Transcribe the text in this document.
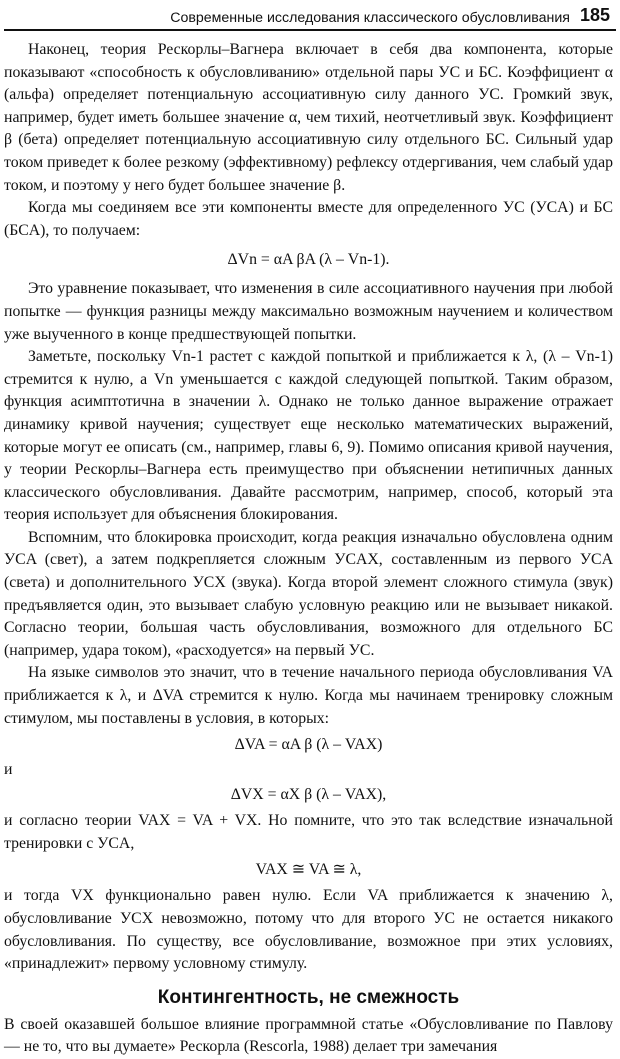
Современные исследования классического обусловливания 185

Наконец, теория Рескорлы–Вагнера включает в себя два компонента, которые показывают «способность к обусловливанию» отдельной пары УС и БС. Коэффициент α (альфа) определяет потенциальную ассоциативную силу данного УС. Громкий звук, например, будет иметь большее значение α, чем тихий, неотчетливый звук. Коэффициент β (бета) определяет потенциальную ассоциативную силу отдельного БС. Сильный удар током приведет к более резкому (эффективному) рефлексу отдергивания, чем слабый удар током, и поэтому у него будет большее значение β.

Когда мы соединяем все эти компоненты вместе для определенного УС (УСA) и БС (БСA), то получаем:

ΔVn = αA βA (λ – Vn-1).

Это уравнение показывает, что изменения в силе ассоциативного научения при любой попытке — функция разницы между максимально возможным научением и количеством уже выученного в конце предшествующей попытки.

Заметьте, поскольку Vn-1 растет с каждой попыткой и приближается к λ, (λ – Vn-1) стремится к нулю, а Vn уменьшается с каждой следующей попыткой. Таким образом, функция асимптотична в значении λ. Однако не только данное выражение отражает динамику кривой научения; существует еще несколько математических выражений, которые могут ее описать (см., например, главы 6, 9). Помимо описания кривой научения, у теории Рескорлы–Вагнера есть преимущество при объяснении нетипичных данных классического обусловливания. Давайте рассмотрим, например, способ, который эта теория использует для объяснения блокирования.

Вспомним, что блокировка происходит, когда реакция изначально обусловлена одним УСA (свет), а затем подкрепляется сложным УСAX, составленным из первого УСA (света) и дополнительного УСX (звука). Когда второй элемент сложного стимула (звук) предъявляется один, это вызывает слабую условную реакцию или не вызывает никакой. Согласно теории, большая часть обусловливания, возможного для отдельного БС (например, удара током), «расходуется» на первый УС.

На языке символов это значит, что в течение начального периода обусловливания VA приближается к λ, и ΔVA стремится к нулю. Когда мы начинаем тренировку сложным стимулом, мы поставлены в условия, в которых:

ΔVA = αA β (λ – VAX)
и
ΔVX = αX β (λ – VAX),

и согласно теории VAX = VA + VX. Но помните, что это так вследствие изначальной тренировки с УСA,

VAX ≅ VA ≅ λ,

и тогда VX функционально равен нулю. Если VA приближается к значению λ, обусловливание УСX невозможно, потому что для второго УС не остается никакого обусловливания. По существу, все обусловливание, возможное при этих условиях, «принадлежит» первому условному стимулу.

Контингентность, не смежность

В своей оказавшей большое влияние программной статье «Обусловливание по Павлову — не то, что вы думаете» Рескорла (Rescorla, 1988) делает три замечания
